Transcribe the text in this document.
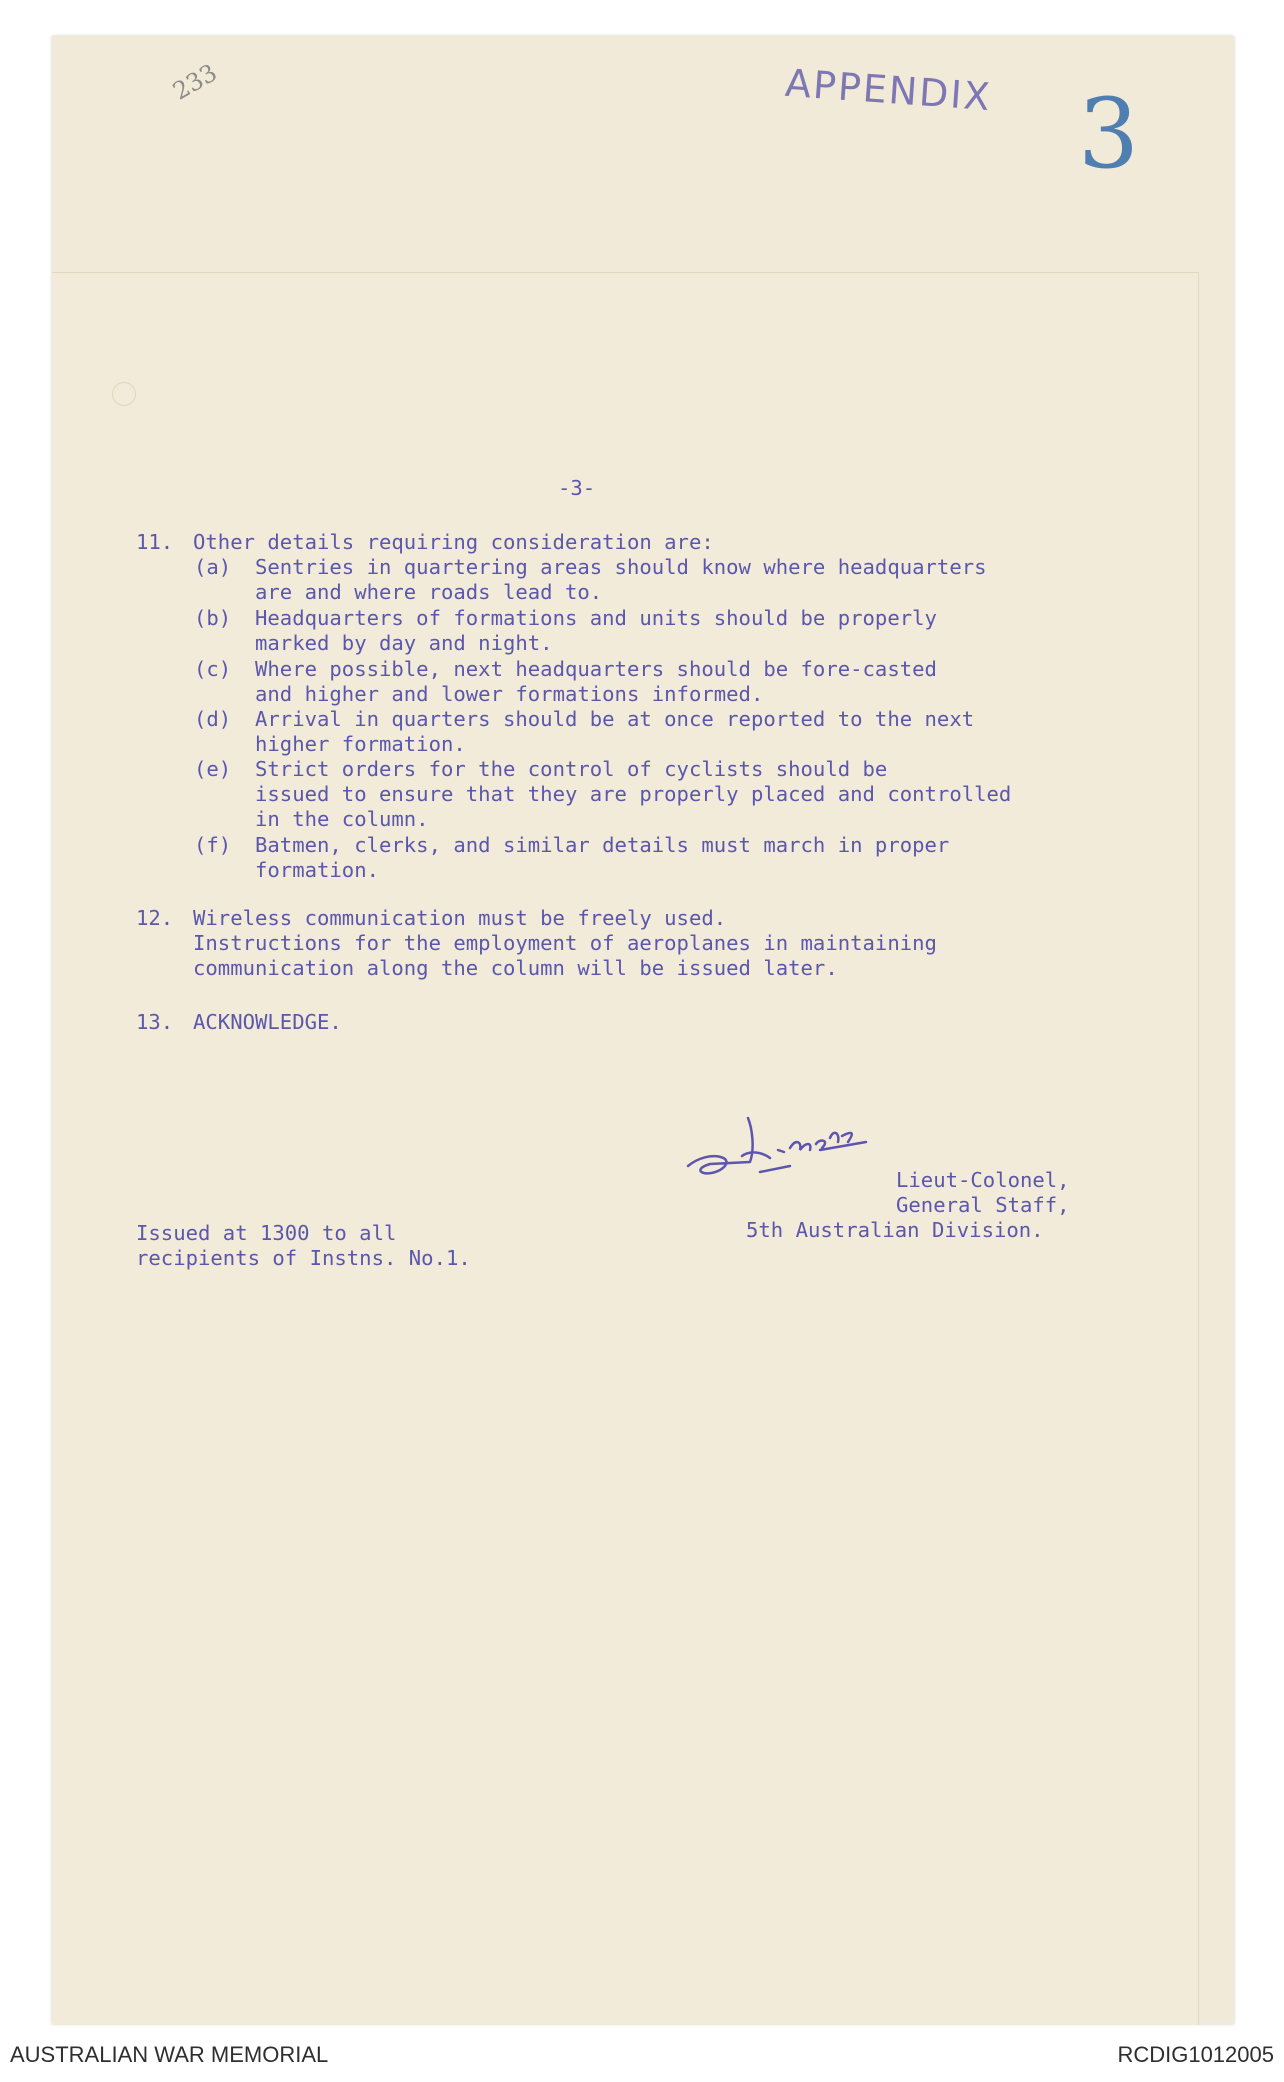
233	APPENDIX 3
-3-
11. Other details requiring consideration are:
(a) Sentries in quartering areas should know where headquarters
are and where roads lead to.
(b) Headquarters of formations and units should be properly
marked by day and night.
(c) Where possible, next headquarters should be fore-casted
and higher and lower formations informed.
(d) Arrival in quarters should be at once reported to the next
higher formation.
(e) Strict orders for the control of cyclists should be
issued to ensure that they are properly placed and controlled
in the column.
(f) Batmen, clerks, and similar details must march in proper
formation.
12. Wireless communication must be freely used.
Instructions for the employment of aeroplanes in maintaining
communication along the column will be issued later.
13. ACKNOWLEDGE.
Lieut-Colonel,
General Staff,
5th Australian Division.
Issued at 1300 to all
recipients of Instns. No.1.
AUSTRALIAN WAR MEMORIAL	RCDIG1012005
